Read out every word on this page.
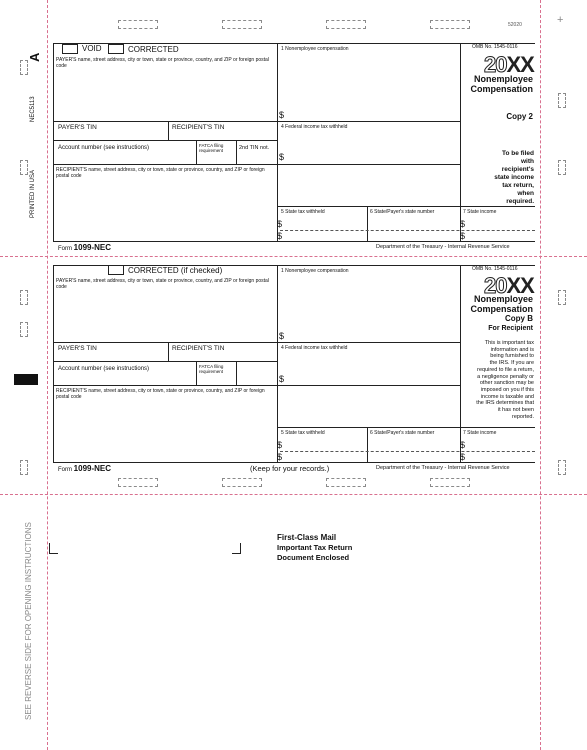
+
A
NEC5113
PRINTED IN USA
SEE REVERSE SIDE FOR OPENING INSTRUCTIONS
52020
VOID	CORRECTED
PAYER'S name, street address, city or town, state or province, country, and ZIP or foreign postal code
1 Nonemployee compensation
$
OMB No. 1545-0116
20XX
Nonemployee
Compensation
PAYER'S TIN	RECIPIENT'S TIN	4 Federal income tax withheld
$
Copy 2
To be filed
with
recipient's
state income
tax return,
when
required.
Account number (see instructions)	FATCA filing requirement	2nd TIN not.
RECIPIENT'S name, street address, city or town, state or province, country, and ZIP or foreign postal code
5 State tax withheld
$
$
6 State/Payer's state number	7 State income
$
$
Form 1099-NEC	Department of the Treasury - Internal Revenue Service
CORRECTED (if checked)
PAYER'S name, street address, city or town, state or province, country, and ZIP or foreign postal code
1 Nonemployee compensation
$
OMB No. 1545-0116
20XX
Nonemployee
Compensation
Copy B
For Recipient
This is important tax
information and is
being furnished to
the IRS. If you are
required to file a return,
a negligence penalty or
other sanction may be
imposed on you if this
income is taxable and
the IRS determines that
it has not been
reported.
PAYER'S TIN	RECIPIENT'S TIN	4 Federal income tax withheld
$
Account number (see instructions)	FATCA filing requirement
RECIPIENT'S name, street address, city or town, state or province, country, and ZIP or foreign postal code
5 State tax withheld
$
$
6 State/Payer's state number	7 State income
$
$
Form 1099-NEC	(Keep for your records.)	Department of the Treasury - Internal Revenue Service
First-Class Mail
Important Tax Return
Document Enclosed
